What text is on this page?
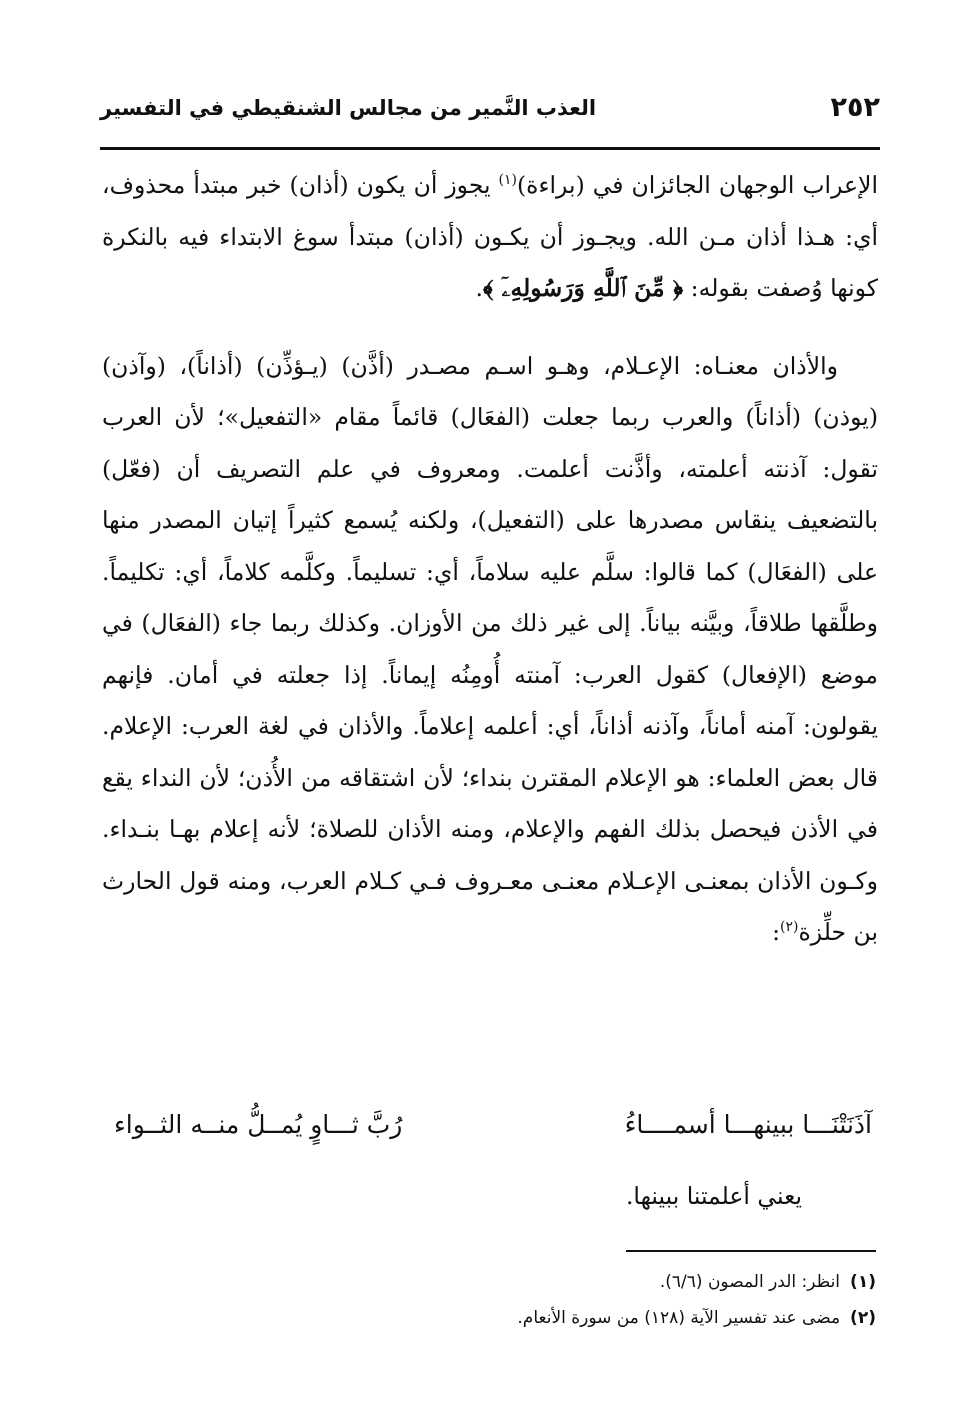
٢٥٢
العذب النَّمير من مجالس الشنقيطي في التفسير

الإعراب الوجهان الجائزان في (براءة)$^{(١)}$ يجوز أن يكون (أذان) خبر مبتدأ محذوف، أي: هـذا أذان مـن الله. ويجـوز أن يكـون (أذان) مبتدأ سوغ الابتداء فيه بالنكرة كونها وُصفت بقوله: ﴿ مِّنَ ٱللَّهِ وَرَسُولِهِۦٓ ﴾.

والأذان معنـاه: الإعـلام، وهـو اسـم مصـدر (أذَّن) (يـؤذِّن) (أذاناً)، (وآذن) (يوذن) (أذاناً) والعرب ربما جعلت (الفعَال) قائماً مقام «التفعيل»؛ لأن العرب تقول: آذنته أعلمته، وأذَّنت أعلمت. ومعروف في علم التصريف أن (فعّل) بالتضعيف ينقاس مصدرها على (التفعيل)، ولكنه يُسمع كثيراً إتيان المصدر منها على (الفعَال) كما قالوا: سلَّم عليه سلاماً، أي: تسليماً. وكلَّمه كلاماً، أي: تكليماً. وطلَّقها طلاقاً، وبيَّنه بياناً. إلى غير ذلك من الأوزان. وكذلك ربما جاء (الفعَال) في موضع (الإفعال) كقول العرب: آمنته أُومِنُه إيماناً. إذا جعلته في أمان. فإنهم يقولون: آمنه أماناً، وآذنه أذاناً، أي: أعلمه إعلاماً. والأذان في لغة العرب: الإعلام. قال بعض العلماء: هو الإعلام المقترن بنداء؛ لأن اشتقاقه من الأُذن؛ لأن النداء يقع في الأذن فيحصل بذلك الفهم والإعلام، ومنه الأذان للصلاة؛ لأنه إعلام بهـا بنـداء. وكـون الأذان بمعنـى الإعـلام معنـى معـروف فـي كـلام العرب، ومنه قول الحارث بن حلِّزة$^{(٢)}$:

آذَنَتْنَـــا ببينهـــا أسمــــاءُ
رُبَّ ثـــاوٍ يُمــلُّ منــه الثــواء
يعني أعلمتنا ببينها.
(١)
انظر: الدر المصون (٦/٦).
(٢)
مضى عند تفسير الآية (١٢٨) من سورة الأنعام.
